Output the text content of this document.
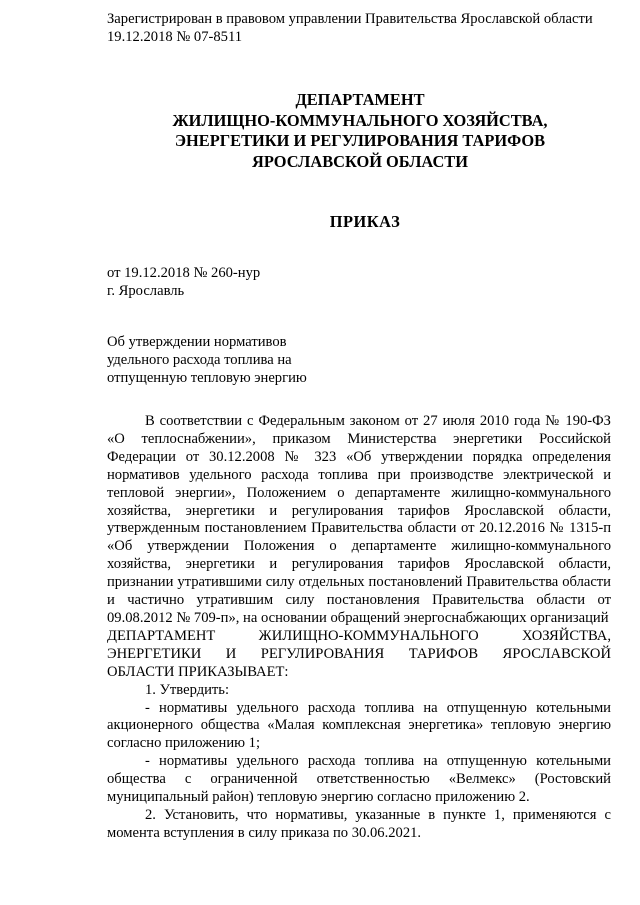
Зарегистрирован в правовом управлении Правительства Ярославской области
19.12.2018 № 07-8511
ДЕПАРТАМЕНТ
ЖИЛИЩНО-КОММУНАЛЬНОГО ХОЗЯЙСТВА,
ЭНЕРГЕТИКИ И РЕГУЛИРОВАНИЯ ТАРИФОВ
ЯРОСЛАВСКОЙ ОБЛАСТИ
ПРИКАЗ
от 19.12.2018 № 260-нур
г. Ярославль
Об утверждении нормативов
удельного расхода топлива на
отпущенную тепловую энергию

В соответствии с Федеральным законом от 27 июля 2010 года № 190-ФЗ «О теплоснабжении», приказом Министерства энергетики Российской Федерации от 30.12.2008 № 323 «Об утверждении порядка определения нормативов удельного расхода топлива при производстве электрической и тепловой энергии», Положением о департаменте жилищно-коммунального хозяйства, энергетики и регулирования тарифов Ярославской области, утвержденным постановлением Правительства области от 20.12.2016 № 1315-п «Об утверждении Положения о департаменте жилищно-коммунального хозяйства, энергетики и регулирования тарифов Ярославской области, признании утратившими силу отдельных постановлений Правительства области и частично утратившим силу постановления Правительства области от 09.08.2012 № 709-п», на основании обращений энергоснабжающих организаций

ДЕПАРТАМЕНТ ЖИЛИЩНО-КОММУНАЛЬНОГО ХОЗЯЙСТВА,
ЭНЕРГЕТИКИ И РЕГУЛИРОВАНИЯ ТАРИФОВ ЯРОСЛАВСКОЙ
ОБЛАСТИ ПРИКАЗЫВАЕТ:

1. Утвердить:

- нормативы удельного расхода топлива на отпущенную котельными акционерного общества «Малая комплексная энергетика» тепловую энергию согласно приложению 1;

- нормативы удельного расхода топлива на отпущенную котельными общества с ограниченной ответственностью «Велмекс» (Ростовский муниципальный район) тепловую энергию согласно приложению 2.

2. Установить, что нормативы, указанные в пункте 1, применяются с момента вступления в силу приказа по 30.06.2021.
